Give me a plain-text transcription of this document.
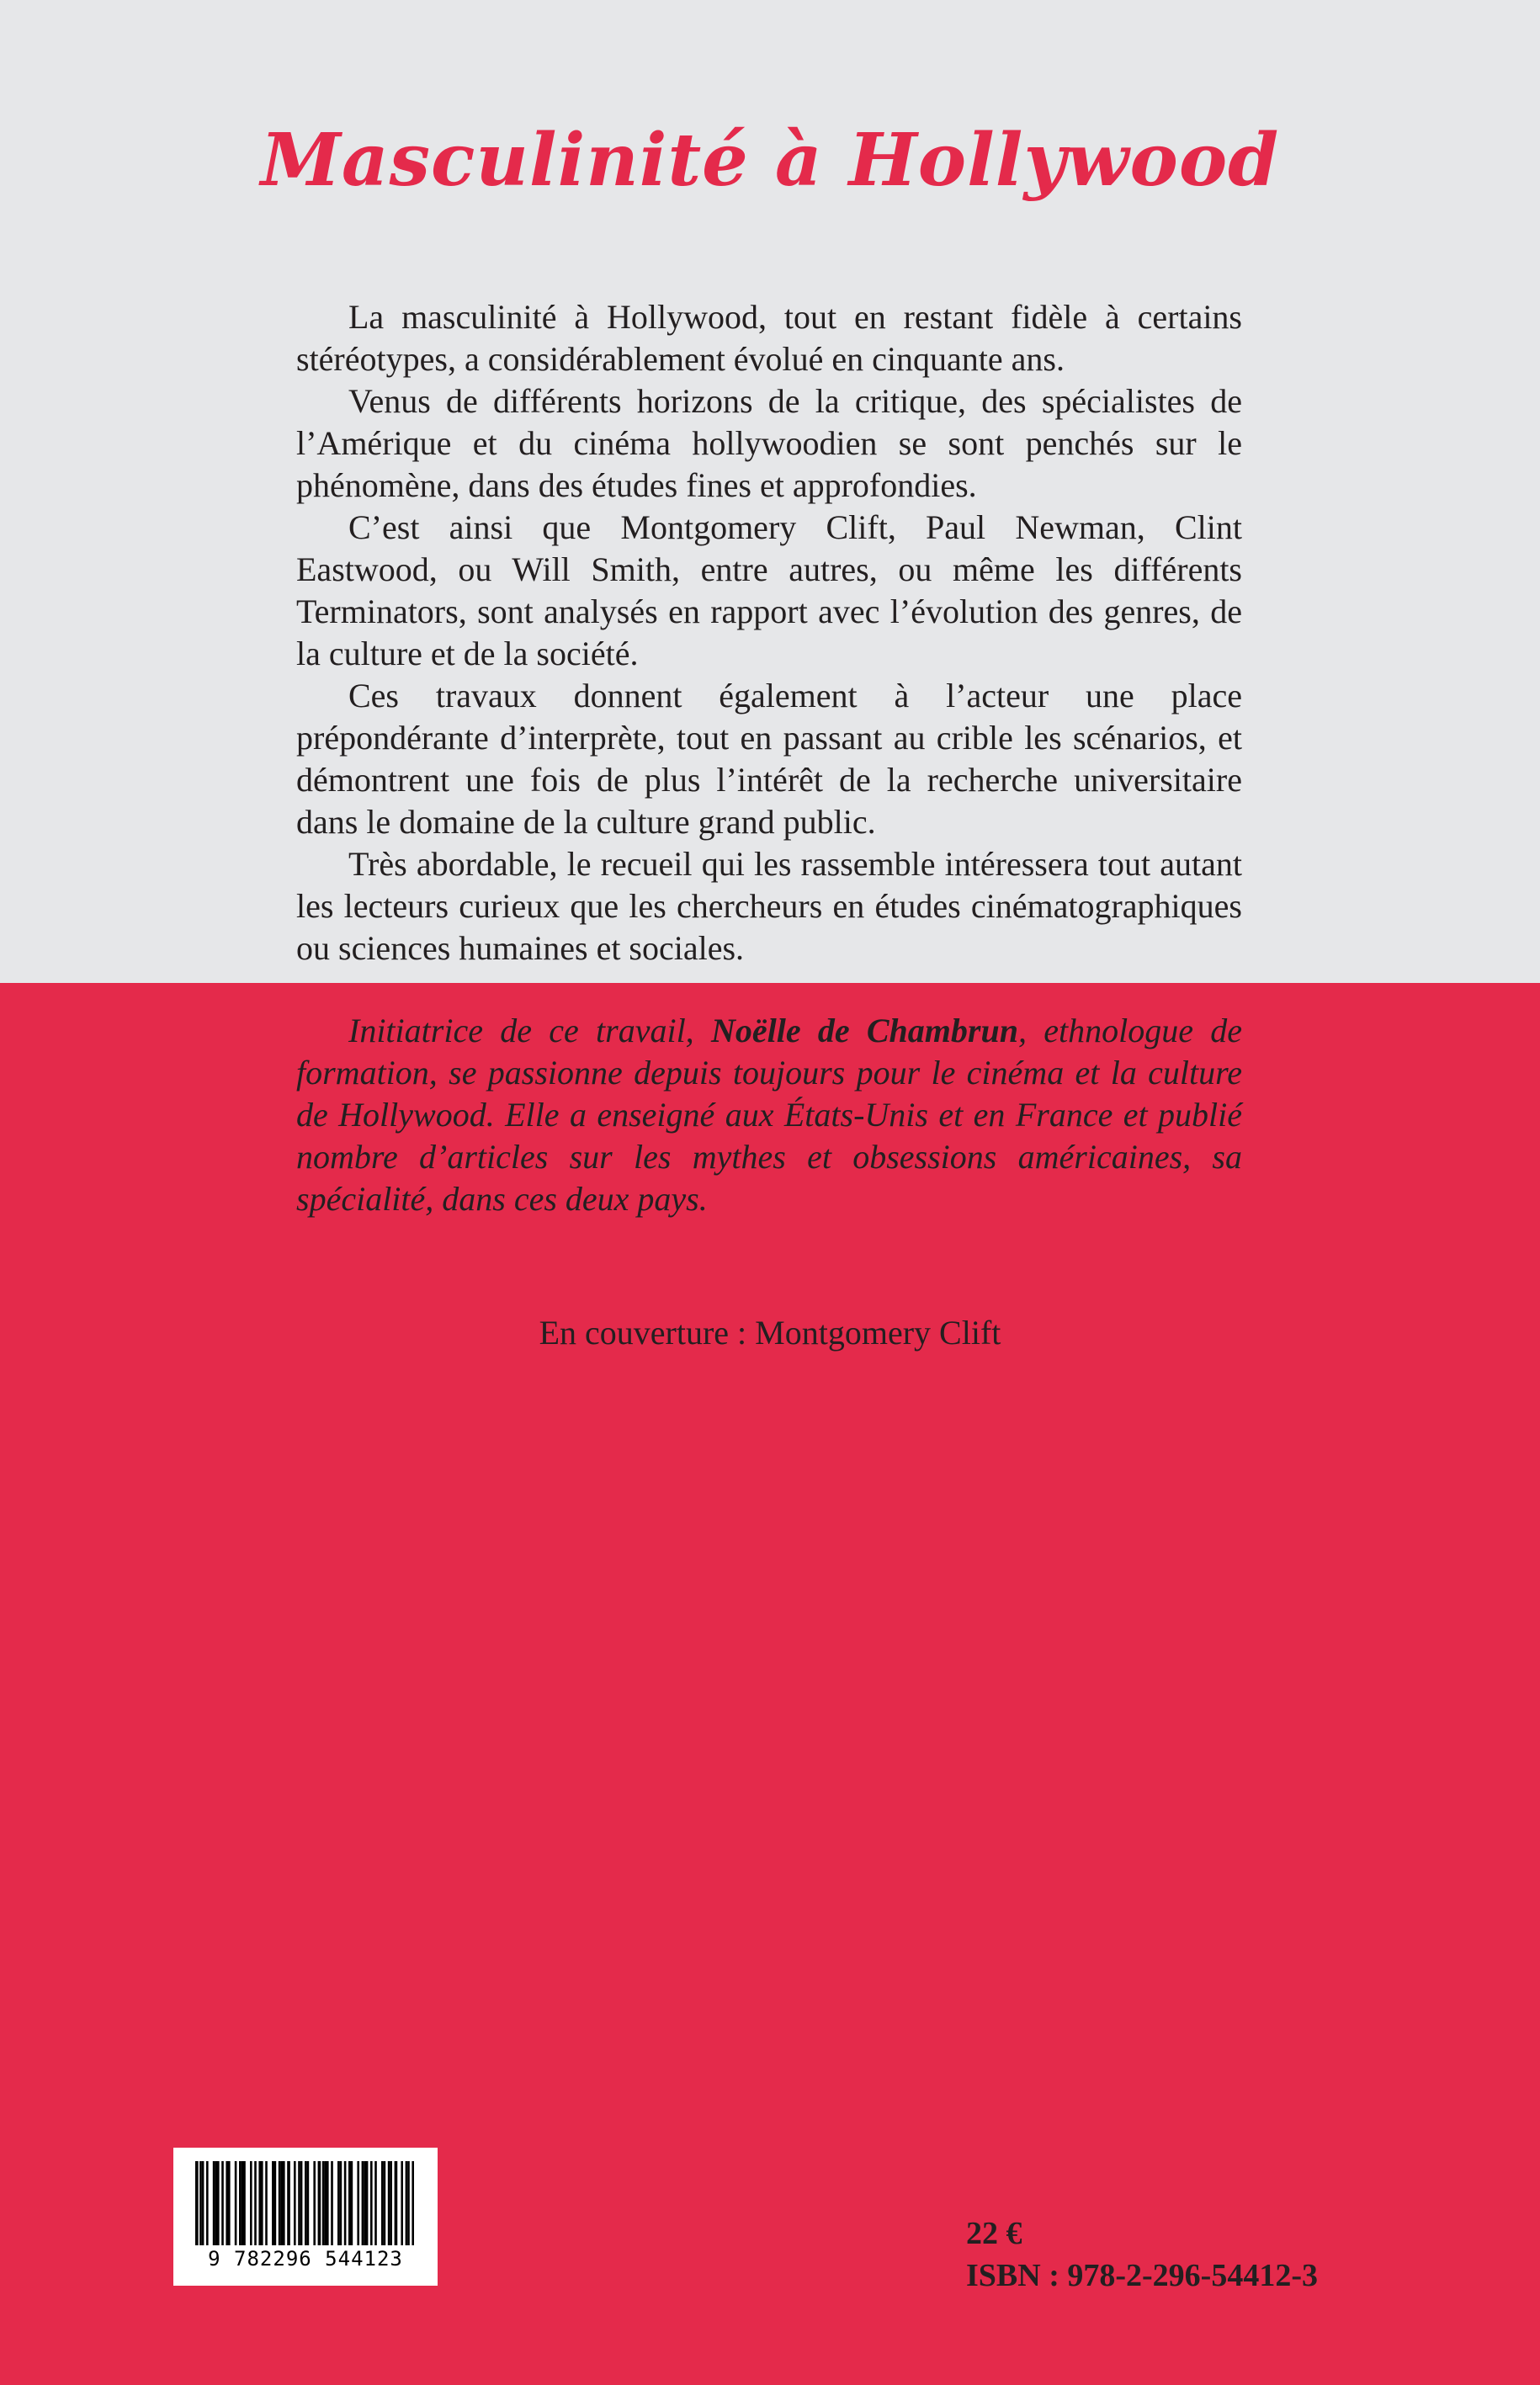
Masculinité à Hollywood

La masculinité à Hollywood, tout en restant fidèle à certains stéréotypes, a considérablement évolué en cinquante ans.

Venus de différents horizons de la critique, des spécialistes de l’Amérique et du cinéma hollywoodien se sont penchés sur le phénomène, dans des études fines et approfondies.

C’est ainsi que Montgomery Clift, Paul Newman, Clint Eastwood, ou Will Smith, entre autres, ou même les différents Terminators, sont analysés en rapport avec l’évolution des genres, de la culture et de la société.

Ces travaux donnent également à l’acteur une place prépondérante d’interprète, tout en passant au crible les scénarios, et démontrent une fois de plus l’intérêt de la recherche universitaire dans le domaine de la culture grand public.

Très abordable, le recueil qui les rassemble intéressera tout autant les lecteurs curieux que les chercheurs en études cinématographiques ou sciences humaines et sociales.

Initiatrice de ce travail, Noëlle de Chambrun, ethnologue de formation, se passionne depuis toujours pour le cinéma et la culture de Hollywood. Elle a enseigné aux États-Unis et en France et publié nombre d’articles sur les mythes et obsessions américaines, sa spécialité, dans ces deux pays.

En couverture : Montgomery Clift
9 782296 544123
22 €
ISBN : 978-2-296-54412-3
